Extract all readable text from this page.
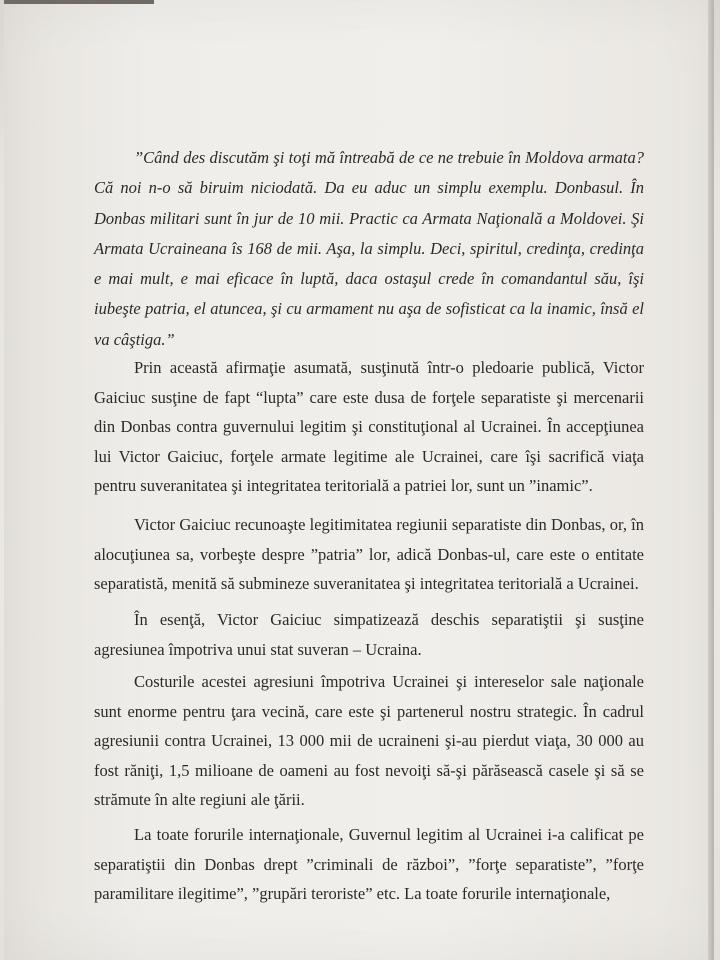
”Când des discutăm şi toţi mă întreabă de ce ne trebuie în Moldova armata? Că noi n-o să biruim niciodată. Da eu aduc un simplu exemplu. Donbasul. În Donbas militari sunt în jur de 10 mii. Practic ca Armata Naţională a Moldovei. Şi Armata Ucraineana îs 168 de mii. Aşa, la simplu. Deci, spiritul, credinţa, credinţa e mai mult, e mai eficace în luptă, daca ostaşul crede în comandantul său, îşi iubeşte patria, el atuncea, şi cu armament nu aşa de sofisticat ca la inamic, însă el va câştiga.”

Prin această afirmaţie asumată, susţinută într-o pledoarie publică, Victor Gaiciuc susţine de fapt “lupta” care este dusa de forţele separatiste şi mercenarii din Donbas contra guvernului legitim şi constituţional al Ucrainei. În accepţiunea lui Victor Gaiciuc, forţele armate legitime ale Ucrainei, care îşi sacrifică viaţa pentru suveranitatea şi integritatea teritorială a patriei lor, sunt un ”inamic”.

Victor Gaiciuc recunoaşte legitimitatea regiunii separatiste din Donbas, or, în alocuţiunea sa, vorbeşte despre ”patria” lor, adică Donbas-ul, care este o entitate separatistă, menită să submineze suveranitatea şi integritatea teritorială a Ucrainei.

În esenţă, Victor Gaiciuc simpatizează deschis separatiştii şi susţine agresiunea împotriva unui stat suveran – Ucraina.

Costurile acestei agresiuni împotriva Ucrainei şi intereselor sale naţionale sunt enorme pentru ţara vecină, care este şi partenerul nostru strategic. În cadrul agresiunii contra Ucrainei, 13 000 mii de ucraineni şi-au pierdut viaţa, 30 000 au fost răniţi, 1,5 milioane de oameni au fost nevoiţi să-şi părăsească casele şi să se strămute în alte regiuni ale ţării.

La toate forurile internaţionale, Guvernul legitim al Ucrainei i-a calificat pe separatiştii din Donbas drept ”criminali de război”, ”forţe separatiste”, ”forţe paramilitare ilegitime”, ”grupări teroriste” etc. La toate forurile internaţionale,
